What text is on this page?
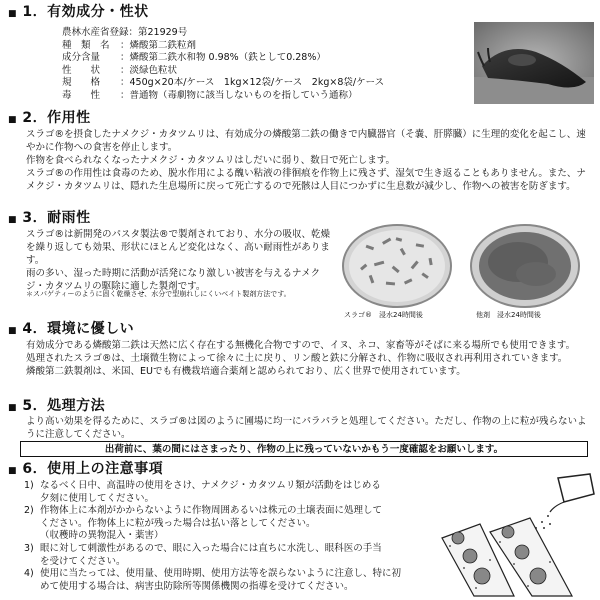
■ 1．有効成分・性状
農林水産省登録：第21929号
種　類　名	：燐酸第二鉄粒剤
成分含量	：燐酸第二鉄水和物 0.98%（鉄として0.28%）
性　　状	：淡緑色粒状
規　　格	：450g×20本/ケース　1kg×12袋/ケース　2kg×8袋/ケース
毒　　性	：普通物（毒劇物に該当しないものを指していう通称）
■ 2．作用性

スラゴ®を摂食したナメクジ・カタツムリは、有効成分の燐酸第二鉄の働きで内臓器官（そ嚢、肝膵臓）に生理的変化を起こし、速やかに作物への食害を停止します。

作物を食べられなくなったナメクジ・カタツムリはしだいに弱り、数日で死亡します。

スラゴ®の作用性は食毒のため、脱水作用による醜い粘液の徘徊痕を作物上に残さず、湿気で生き返ることもありません。また、ナメクジ・カタツムリは、隠れた生息場所に戻って死亡するので死骸は人目につかずに生息数が減少し、作物への被害を防ぎます。

■ 3．耐雨性

スラゴ®は新開発のパスタ製法®で製剤されており、水分の吸収、乾燥を繰り返しても効果、形状にほとんど変化はなく、高い耐雨性があります。

雨の多い、湿った時期に活動が活発になり激しい被害を与えるナメクジ・カタツムリの駆除に適した製剤です。

＊スパゲティーのように固く乾燥させ、水分で型崩れしにくいベイト製剤方法です。
スラゴ®　浸水24時間後	他剤　浸水24時間後
■ 4．環境に優しい

有効成分である燐酸第二鉄は天然に広く存在する無機化合物ですので、イヌ、ネコ、家畜等がそばに来る場所でも使用できます。

処理されたスラゴ®は、土壌微生物によって徐々に土に戻り、リン酸と鉄に分解され、作物に吸収され再利用されていきます。

燐酸第二鉄製剤は、米国、EUでも有機栽培適合薬剤と認められており、広く世界で使用されています。

■ 5．処理方法

より高い効果を得るために、スラゴ®は図のように圃場に均一にパラパラと処理してください。ただし、作物の上に粒が残らないように注意してください。

出荷前に、葉の間にはさまったり、作物の上に残っていないかもう一度確認をお願いします。
■ 6．使用上の注意事項
1) なるべく日中、高温時の使用をさけ、ナメクジ・カタツムリ類が活動をはじめる
夕刻に使用してください。
2) 作物体上に本剤がかからないように作物周囲あるいは株元の土壌表面に処理して
ください。作物体上に粒が残った場合は払い落としてください。
（収穫時の異物混入・薬害）
3) 眼に対して刺激性があるので、眼に入った場合には直ちに水洗し、眼科医の手当
を受けてください。
4) 使用に当たっては、使用量、使用時期、使用方法等を誤らないように注意し、特に初
めて使用する場合は、病害虫防除所等関係機関の指導を受けてください。
